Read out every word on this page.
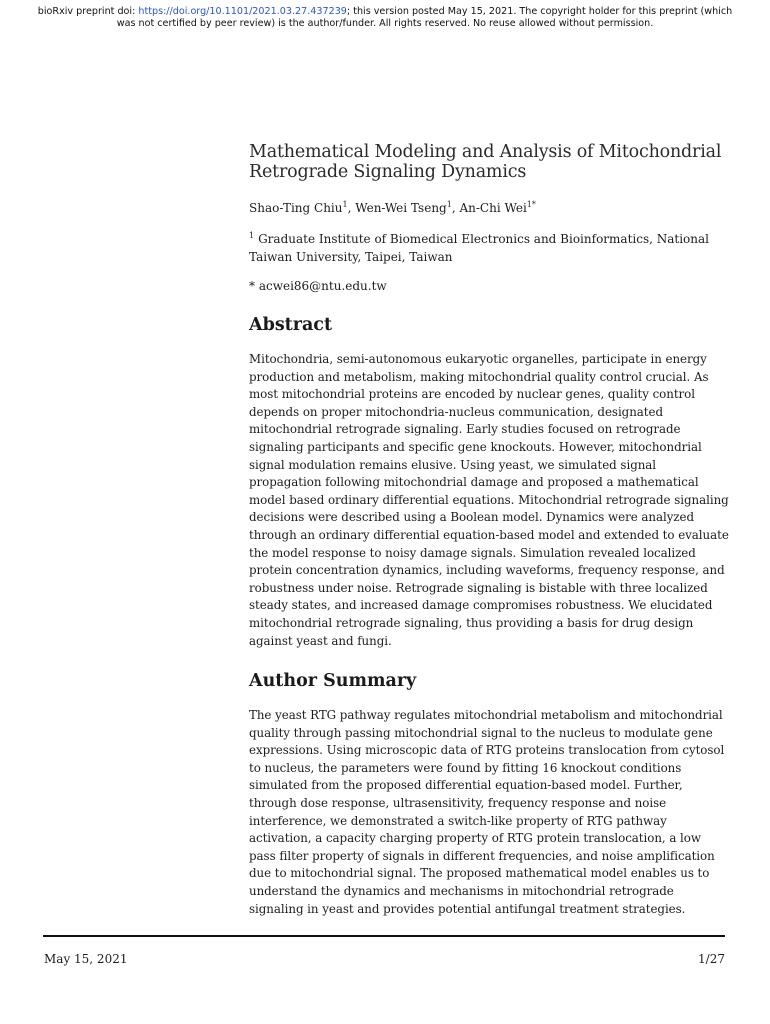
bioRxiv preprint doi: https://doi.org/10.1101/2021.03.27.437239; this version posted May 15, 2021. The copyright holder for this preprint (which
was not certified by peer review) is the author/funder. All rights reserved. No reuse allowed without permission.
Mathematical Modeling and Analysis of Mitochondrial
Retrograde Signaling Dynamics
Shao-Ting Chiu$^1$, Wen-Wei Tseng$^1$, An-Chi Wei$^{1*}$
$^1$ Graduate Institute of Biomedical Electronics and Bioinformatics, National Taiwan University, Taipei, Taiwan
* acwei86@ntu.edu.tw
Abstract

Mitochondria, semi-autonomous eukaryotic organelles, participate in energy production and metabolism, making mitochondrial quality control crucial. As most mitochondrial proteins are encoded by nuclear genes, quality control depends on proper mitochondria-nucleus communication, designated mitochondrial retrograde signaling. Early studies focused on retrograde signaling participants and specific gene knockouts. However, mitochondrial signal modulation remains elusive. Using yeast, we simulated signal propagation following mitochondrial damage and proposed a mathematical model based ordinary differential equations. Mitochondrial retrograde signaling decisions were described using a Boolean model. Dynamics were analyzed through an ordinary differential equation-based model and extended to evaluate the model response to noisy damage signals. Simulation revealed localized protein concentration dynamics, including waveforms, frequency response, and robustness under noise. Retrograde signaling is bistable with three localized steady states, and increased damage compromises robustness. We elucidated mitochondrial retrograde signaling, thus providing a basis for drug design against yeast and fungi.

Author Summary

The yeast RTG pathway regulates mitochondrial metabolism and mitochondrial quality through passing mitochondrial signal to the nucleus to modulate gene expressions. Using microscopic data of RTG proteins translocation from cytosol to nucleus, the parameters were found by fitting 16 knockout conditions simulated from the proposed differential equation-based model. Further, through dose response, ultrasensitivity, frequency response and noise interference, we demonstrated a switch-like property of RTG pathway activation, a capacity charging property of RTG protein translocation, a low pass filter property of signals in different frequencies, and noise amplification due to mitochondrial signal. The proposed mathematical model enables us to understand the dynamics and mechanisms in mitochondrial retrograde signaling in yeast and provides potential antifungal treatment strategies.

May 15, 2021	1/27
